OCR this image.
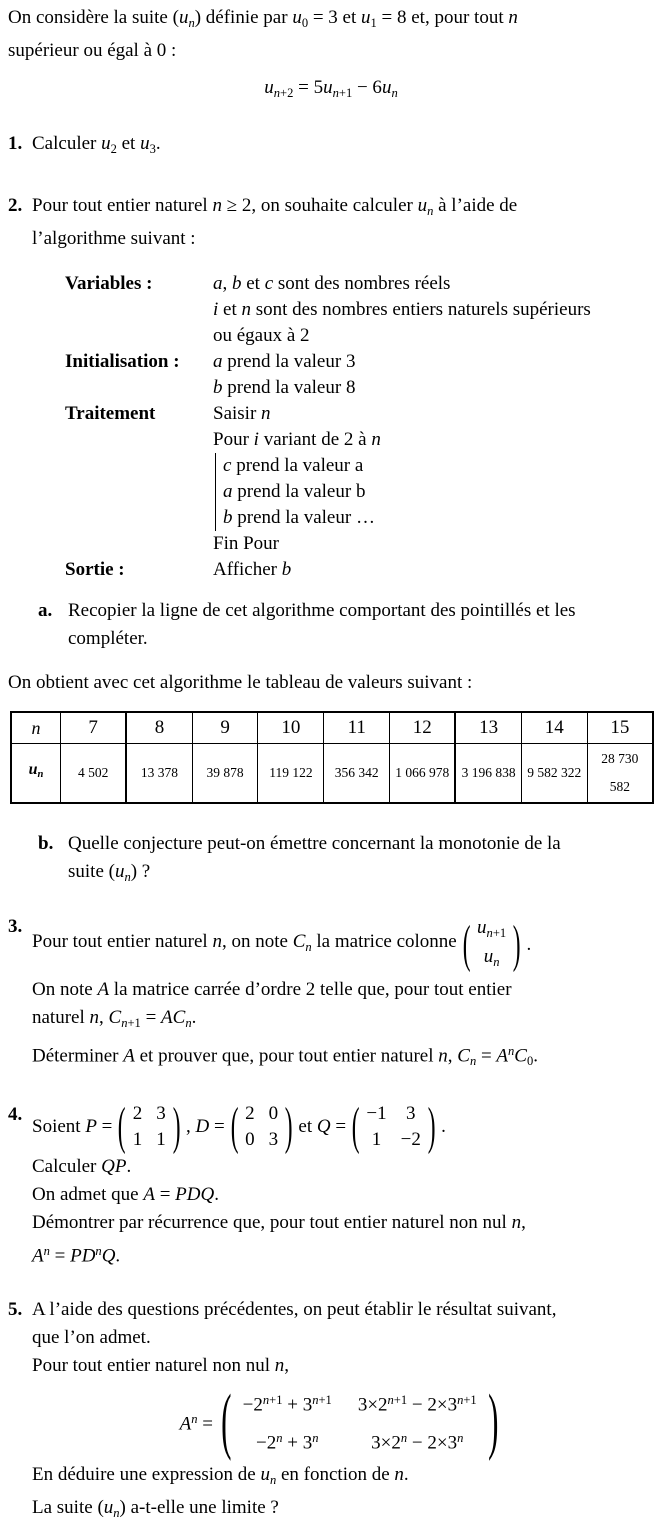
On considère la suite (un) définie par $u_0 = 3$ et $u_1 = 8$ et, pour tout n
supérieur ou égal à 0 :

$un_{+2} = 5un_{+1} - 6un$
1. Calculer $u_2$ et $u_3$.
2. Pour tout entier naturel n ≥ 2, on souhaite calculer un à l’aide de
l’algorithme suivant :
Variables :	a, b et c sont des nombres réels
i et n sont des nombres entiers naturels supérieurs
ou égaux à 2
Initialisation :	a prend la valeur 3
b prend la valeur 8
Traitement	Saisir n
Pour i variant de 2 à n
c prend la valeur a
a prend la valeur b
b prend la valeur …
Fin Pour
Sortie :	Afficher b
a. Recopier la ligne de cet algorithme comportant des pointillés et les
compléter.

On obtient avec cet algorithme le tableau de valeurs suivant :

n	7	8	9	10	11	12	13	14	15
un	4 502	13 378	39 878	119 122	356 342	1 066 978	3 196 838	9 582 322	28 730 582
b. Quelle conjecture peut-on émettre concernant la monotonie de la
suite (un) ?
3.
Pour tout entier naturel n, on note Cn la matrice colonne ( $un_{+1}$
un ) .
On note A la matrice carrée d’ordre 2 telle que, pour tout entier
naturel n, $Cn_{+1}$ = ACn.
Déterminer A et prouver que, pour tout entier naturel n, $Cn = A^nC_0$.
4.
Soient P = ( 2 3
1 1 ) , D = ( 2 0
0 3 ) et Q = ( −1 3
1 −2 ) .
Calculer QP.
On admet que A = PDQ.
Démontrer par récurrence que, pour tout entier naturel non nul n,
$A^n = PD^nQ$.
5. A l’aide des questions précédentes, on peut établir le résultat suivant,
que l’on admet.
Pour tout entier naturel non nul n,
$A^n$ = ( $-2^{n+1} + 3^{n+1}$ $3\times 2^{n+1} - 2\times 3^{n+1}$
$-2^n + 3^n$	$3\times 2^n - 2\times 3^n$ )
En déduire une expression de un en fonction de n.
La suite (un) a-t-elle une limite ?
